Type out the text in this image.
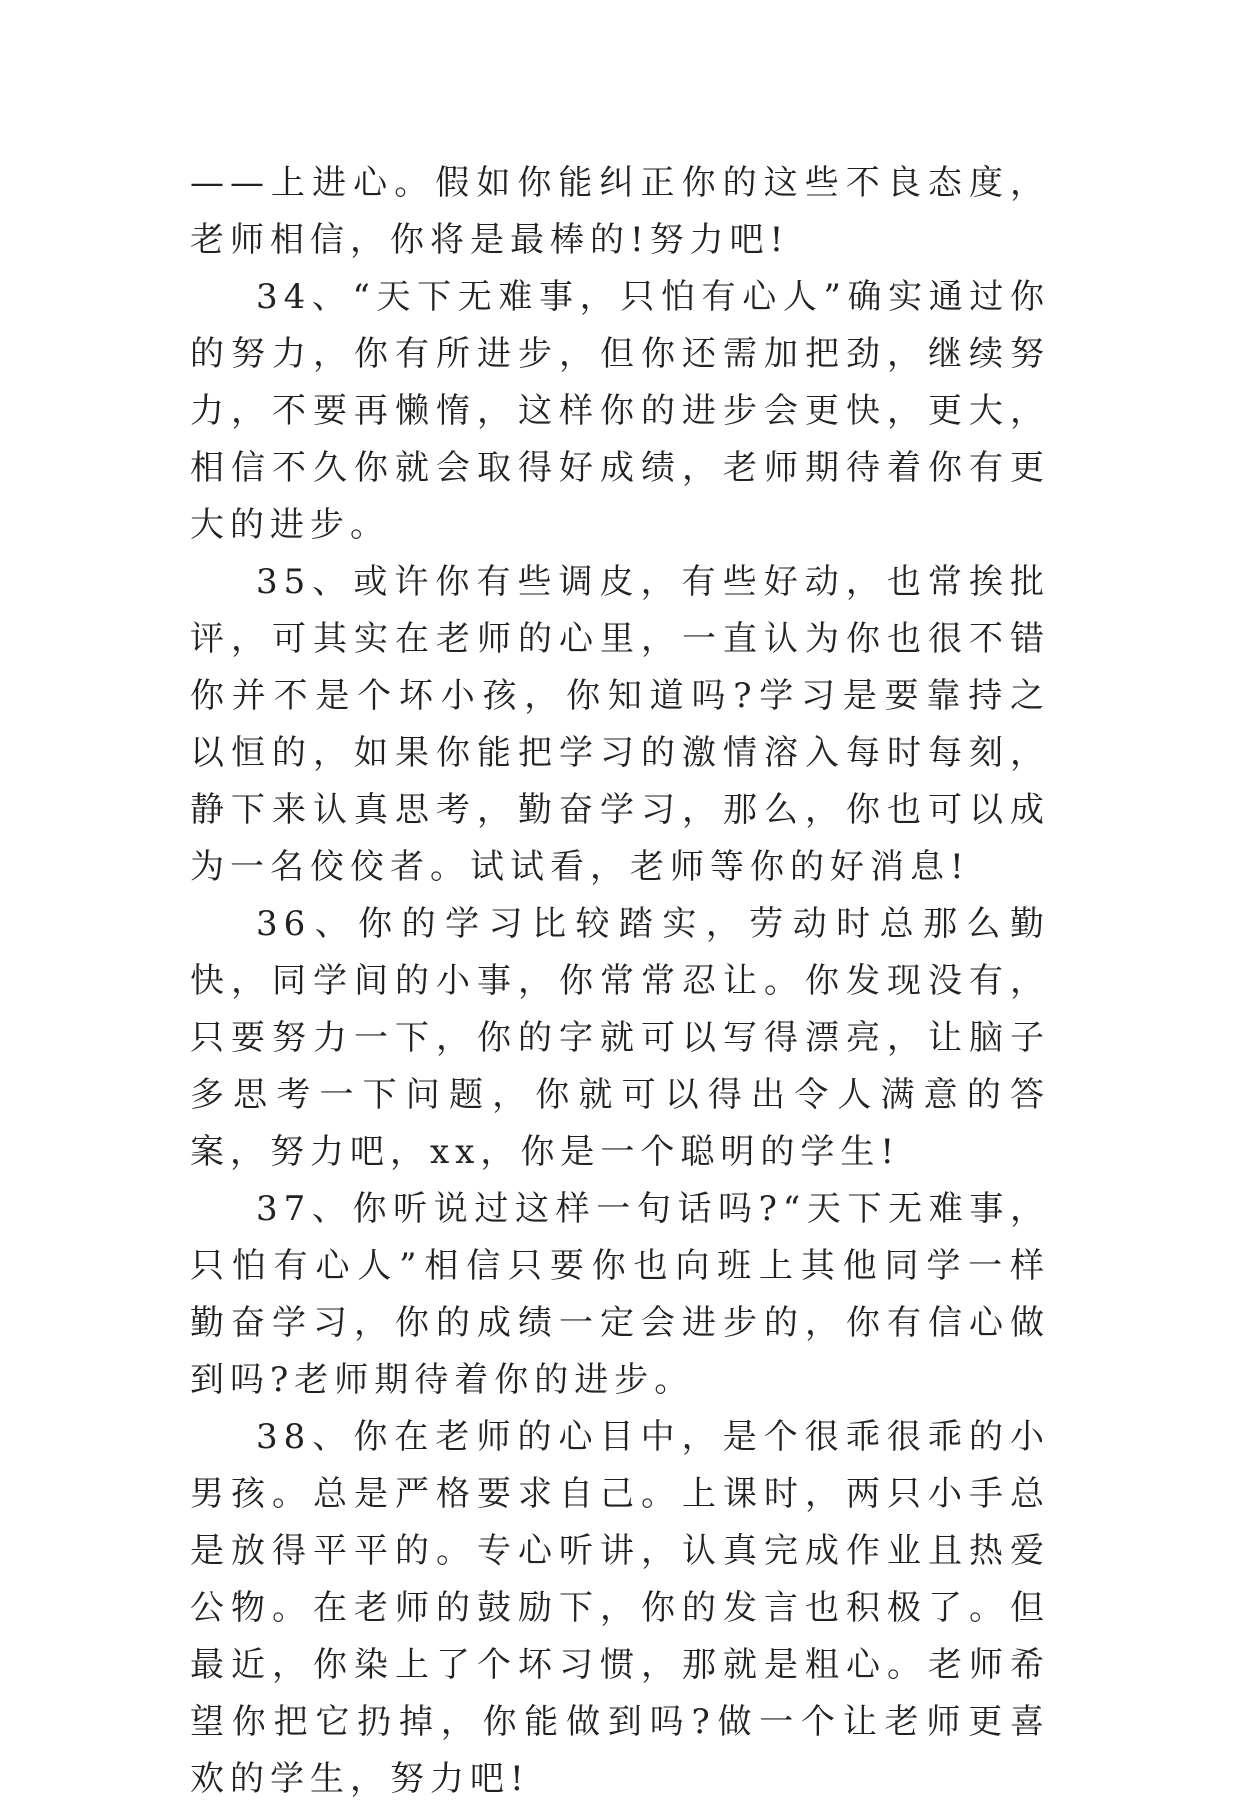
——上进心。假如你能纠正你的这些不良态度，老师相信，你将是最棒的!努力吧!

34、“天下无难事，只怕有心人”确实通过你的努力，你有所进步，但你还需加把劲，继续努力，不要再懒惰，这样你的进步会更快，更大，相信不久你就会取得好成绩，老师期待着你有更大的进步。

35、或许你有些调皮，有些好动，也常挨批评，可其实在老师的心里，一直认为你也很不错你并不是个坏小孩，你知道吗?学习是要靠持之以恒的，如果你能把学习的激情溶入每时每刻，静下来认真思考，勤奋学习，那么，你也可以成为一名佼佼者。试试看，老师等你的好消息!

36、你的学习比较踏实，劳动时总那么勤快，同学间的小事，你常常忍让。你发现没有，只要努力一下，你的字就可以写得漂亮，让脑子多思考一下问题，你就可以得出令人满意的答案，努力吧，xx，你是一个聪明的学生!

37、你听说过这样一句话吗?“天下无难事，只怕有心人”相信只要你也向班上其他同学一样勤奋学习，你的成绩一定会进步的，你有信心做到吗?老师期待着你的进步。

38、你在老师的心目中，是个很乖很乖的小男孩。总是严格要求自己。上课时，两只小手总是放得平平的。专心听讲，认真完成作业且热爱公物。在老师的鼓励下，你的发言也积极了。但最近，你染上了个坏习惯，那就是粗心。老师希望你把它扔掉，你能做到吗?做一个让老师更喜欢的学生，努力吧!
